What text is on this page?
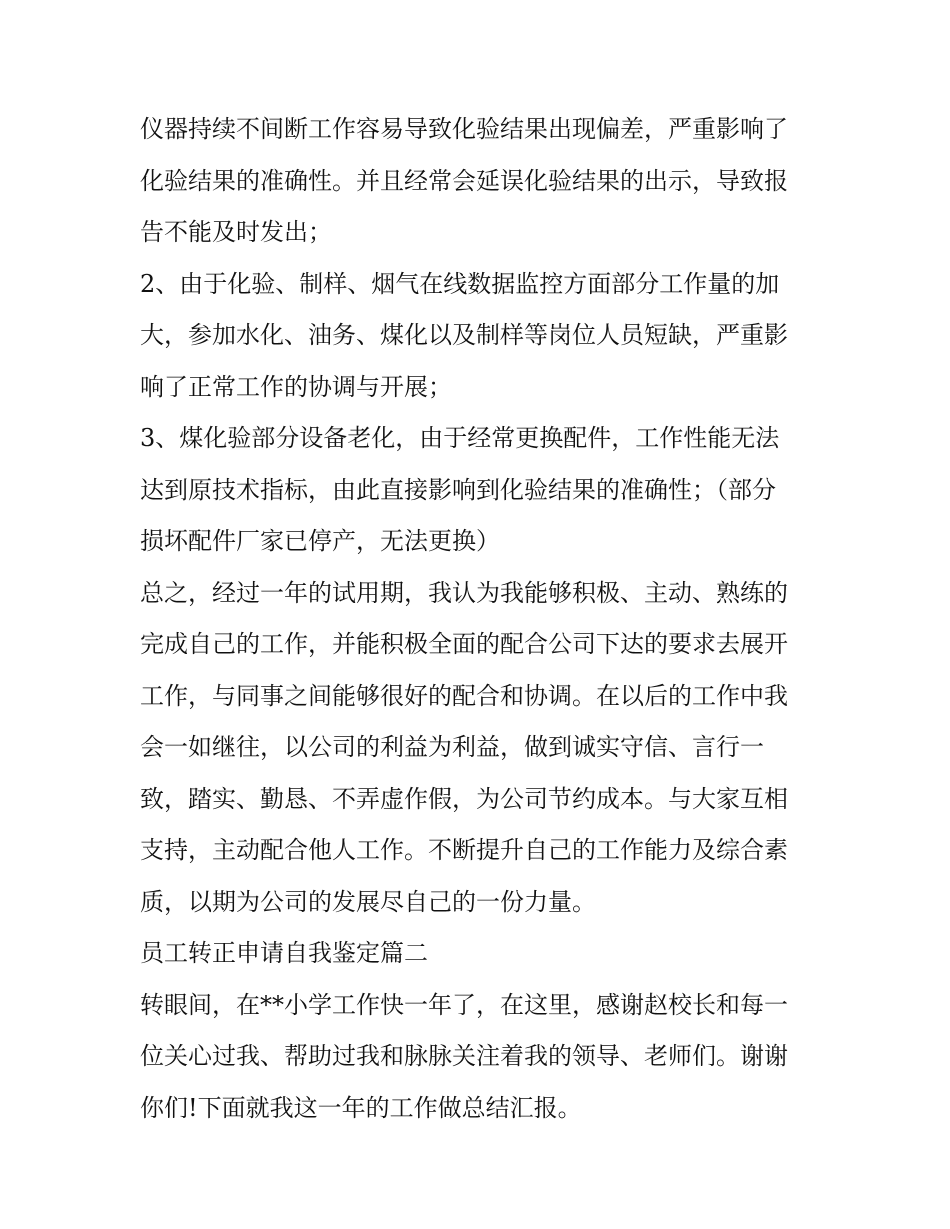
仪器持续不间断工作容易导致化验结果出现偏差，严重影响了
化验结果的准确性。并且经常会延误化验结果的出示，导致报
告不能及时发出；
2、由于化验、制样、烟气在线数据监控方面部分工作量的加
大，参加水化、油务、煤化以及制样等岗位人员短缺，严重影
响了正常工作的协调与开展；
3、煤化验部分设备老化，由于经常更换配件，工作性能无法
达到原技术指标，由此直接影响到化验结果的准确性；（部分
损坏配件厂家已停产，无法更换）
总之，经过一年的试用期，我认为我能够积极、主动、熟练的
完成自己的工作，并能积极全面的配合公司下达的要求去展开
工作，与同事之间能够很好的配合和协调。在以后的工作中我
会一如继往，以公司的利益为利益，做到诚实守信、言行一
致，踏实、勤恳、不弄虚作假，为公司节约成本。与大家互相
支持，主动配合他人工作。不断提升自己的工作能力及综合素
质，以期为公司的发展尽自己的一份力量。
员工转正申请自我鉴定篇二
转眼间，在**小学工作快一年了，在这里，感谢赵校长和每一
位关心过我、帮助过我和脉脉关注着我的领导、老师们。谢谢
你们!下面就我这一年的工作做总结汇报。
